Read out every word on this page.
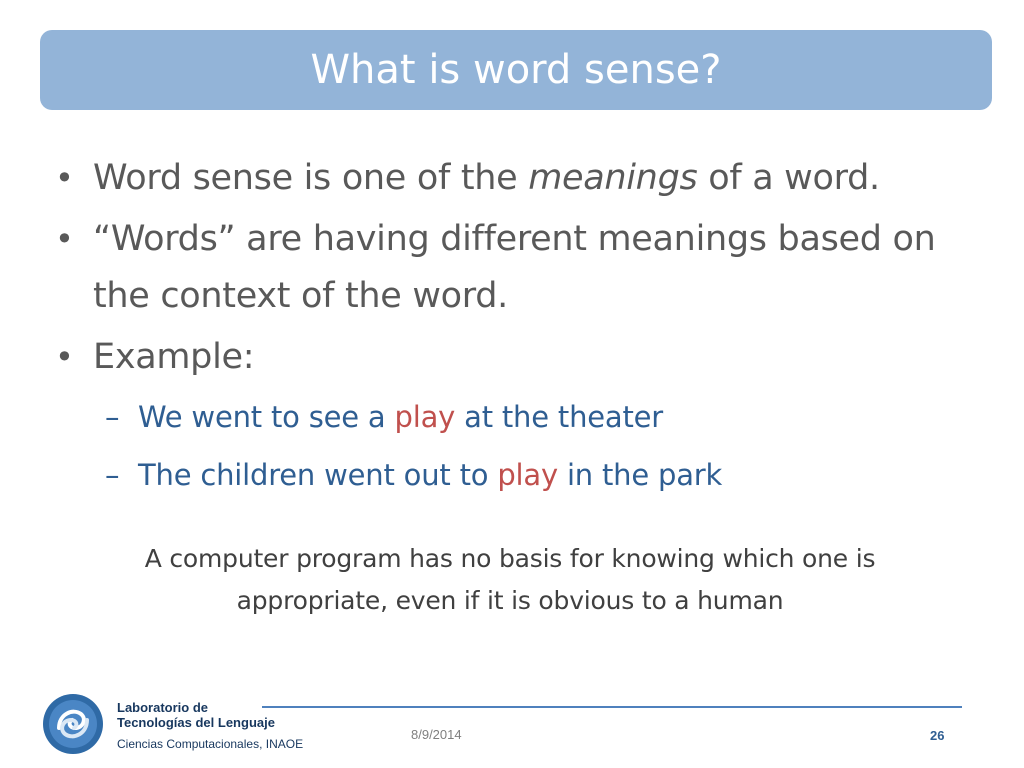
What is word sense?
• Word sense is one of the meanings of a word.
• “Words” are having different meanings based on the context of the word.
• Example:
– We went to see a play at the theater
– The children went out to play in the park
A computer program has no basis for knowing which one is appropriate, even if it is obvious to a human
Laboratorio de
Tecnologías del Lenguaje
Ciencias Computacionales, INAOE
8/9/2014	26
